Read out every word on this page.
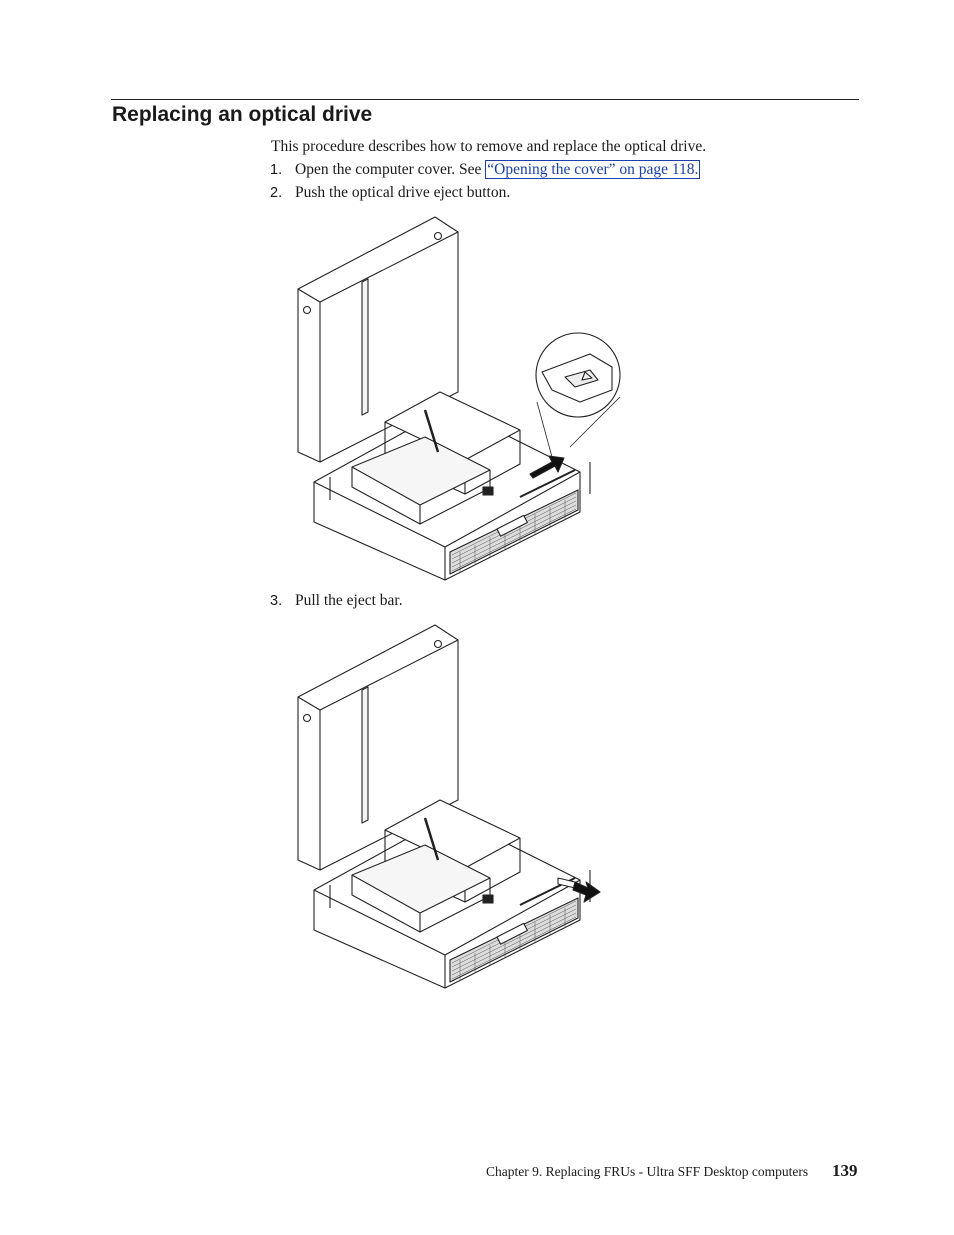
Replacing an optical drive
This procedure describes how to remove and replace the optical drive.
1. Open the computer cover. See “Opening the cover” on page 118.
2. Push the optical drive eject button.
3. Pull the eject bar.
Chapter 9. Replacing FRUs - Ultra SFF Desktop computers 139
